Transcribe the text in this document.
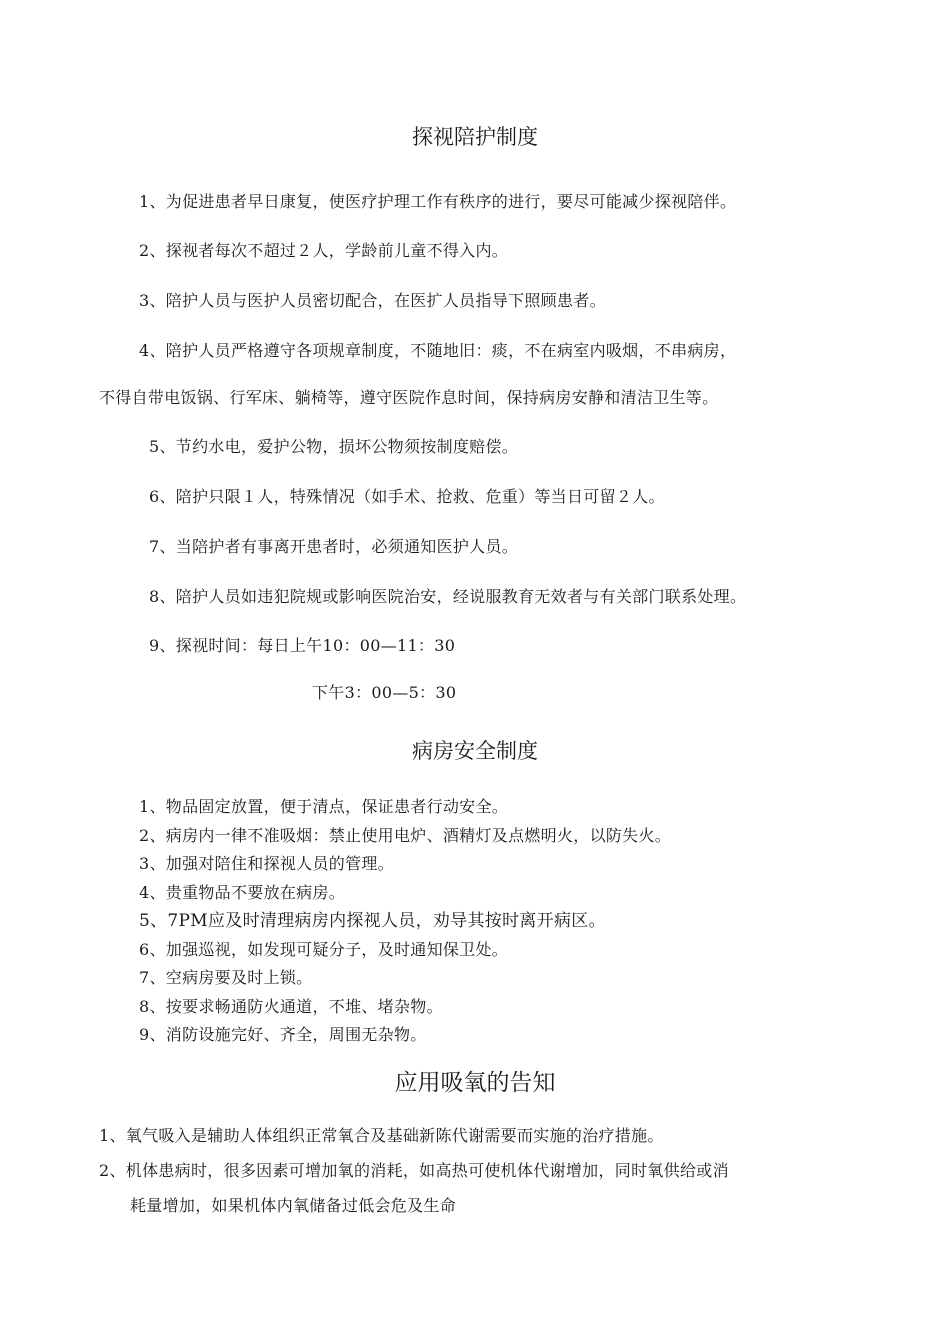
探视陪护制度
1、为促进患者早日康复，使医疗护理工作有秩序的进行，要尽可能减少探视陪伴。
2、探视者每次不超过２人，学龄前儿童不得入内。
3、陪护人员与医护人员密切配合，在医扩人员指导下照顾患者。
4、陪护人员严格遵守各项规章制度，不随地旧：痰，不在病室内吸烟，不串病房，
不得自带电饭锅、行军床、躺椅等，遵守医院作息时间，保持病房安静和清洁卫生等。
5、节约水电，爱护公物，损坏公物须按制度赔偿。
6、陪护只限１人，特殊情况（如手术、抢救、危重）等当日可留２人。
7、当陪护者有事离开患者时，必须通知医护人员。
8、陪护人员如违犯院规或影响医院治安，经说服教育无效者与有关部门联系处理。
9、探视时间：每日上午10：00—11：30
下午3：00—5：30
病房安全制度
1、物品固定放置，便于清点，保证患者行动安全。
2、病房内一律不准吸烟：禁止使用电炉、酒精灯及点燃明火，以防失火。
3、加强对陪住和探视人员的管理。
4、贵重物品不要放在病房。
5、7PM应及时清理病房内探视人员，劝导其按时离开病区。
6、加强巡视，如发现可疑分子，及时通知保卫处。
7、空病房要及时上锁。
8、按要求畅通防火通道，不堆、堵杂物。
9、消防设施完好、齐全，周围无杂物。
应用吸氧的告知
1、氧气吸入是辅助人体组织正常氧合及基础新陈代谢需要而实施的治疗措施。
2、机体患病时，很多因素可增加氧的消耗，如高热可使机体代谢增加，同时氧供给或消
耗量增加，如果机体内氧储备过低会危及生命
